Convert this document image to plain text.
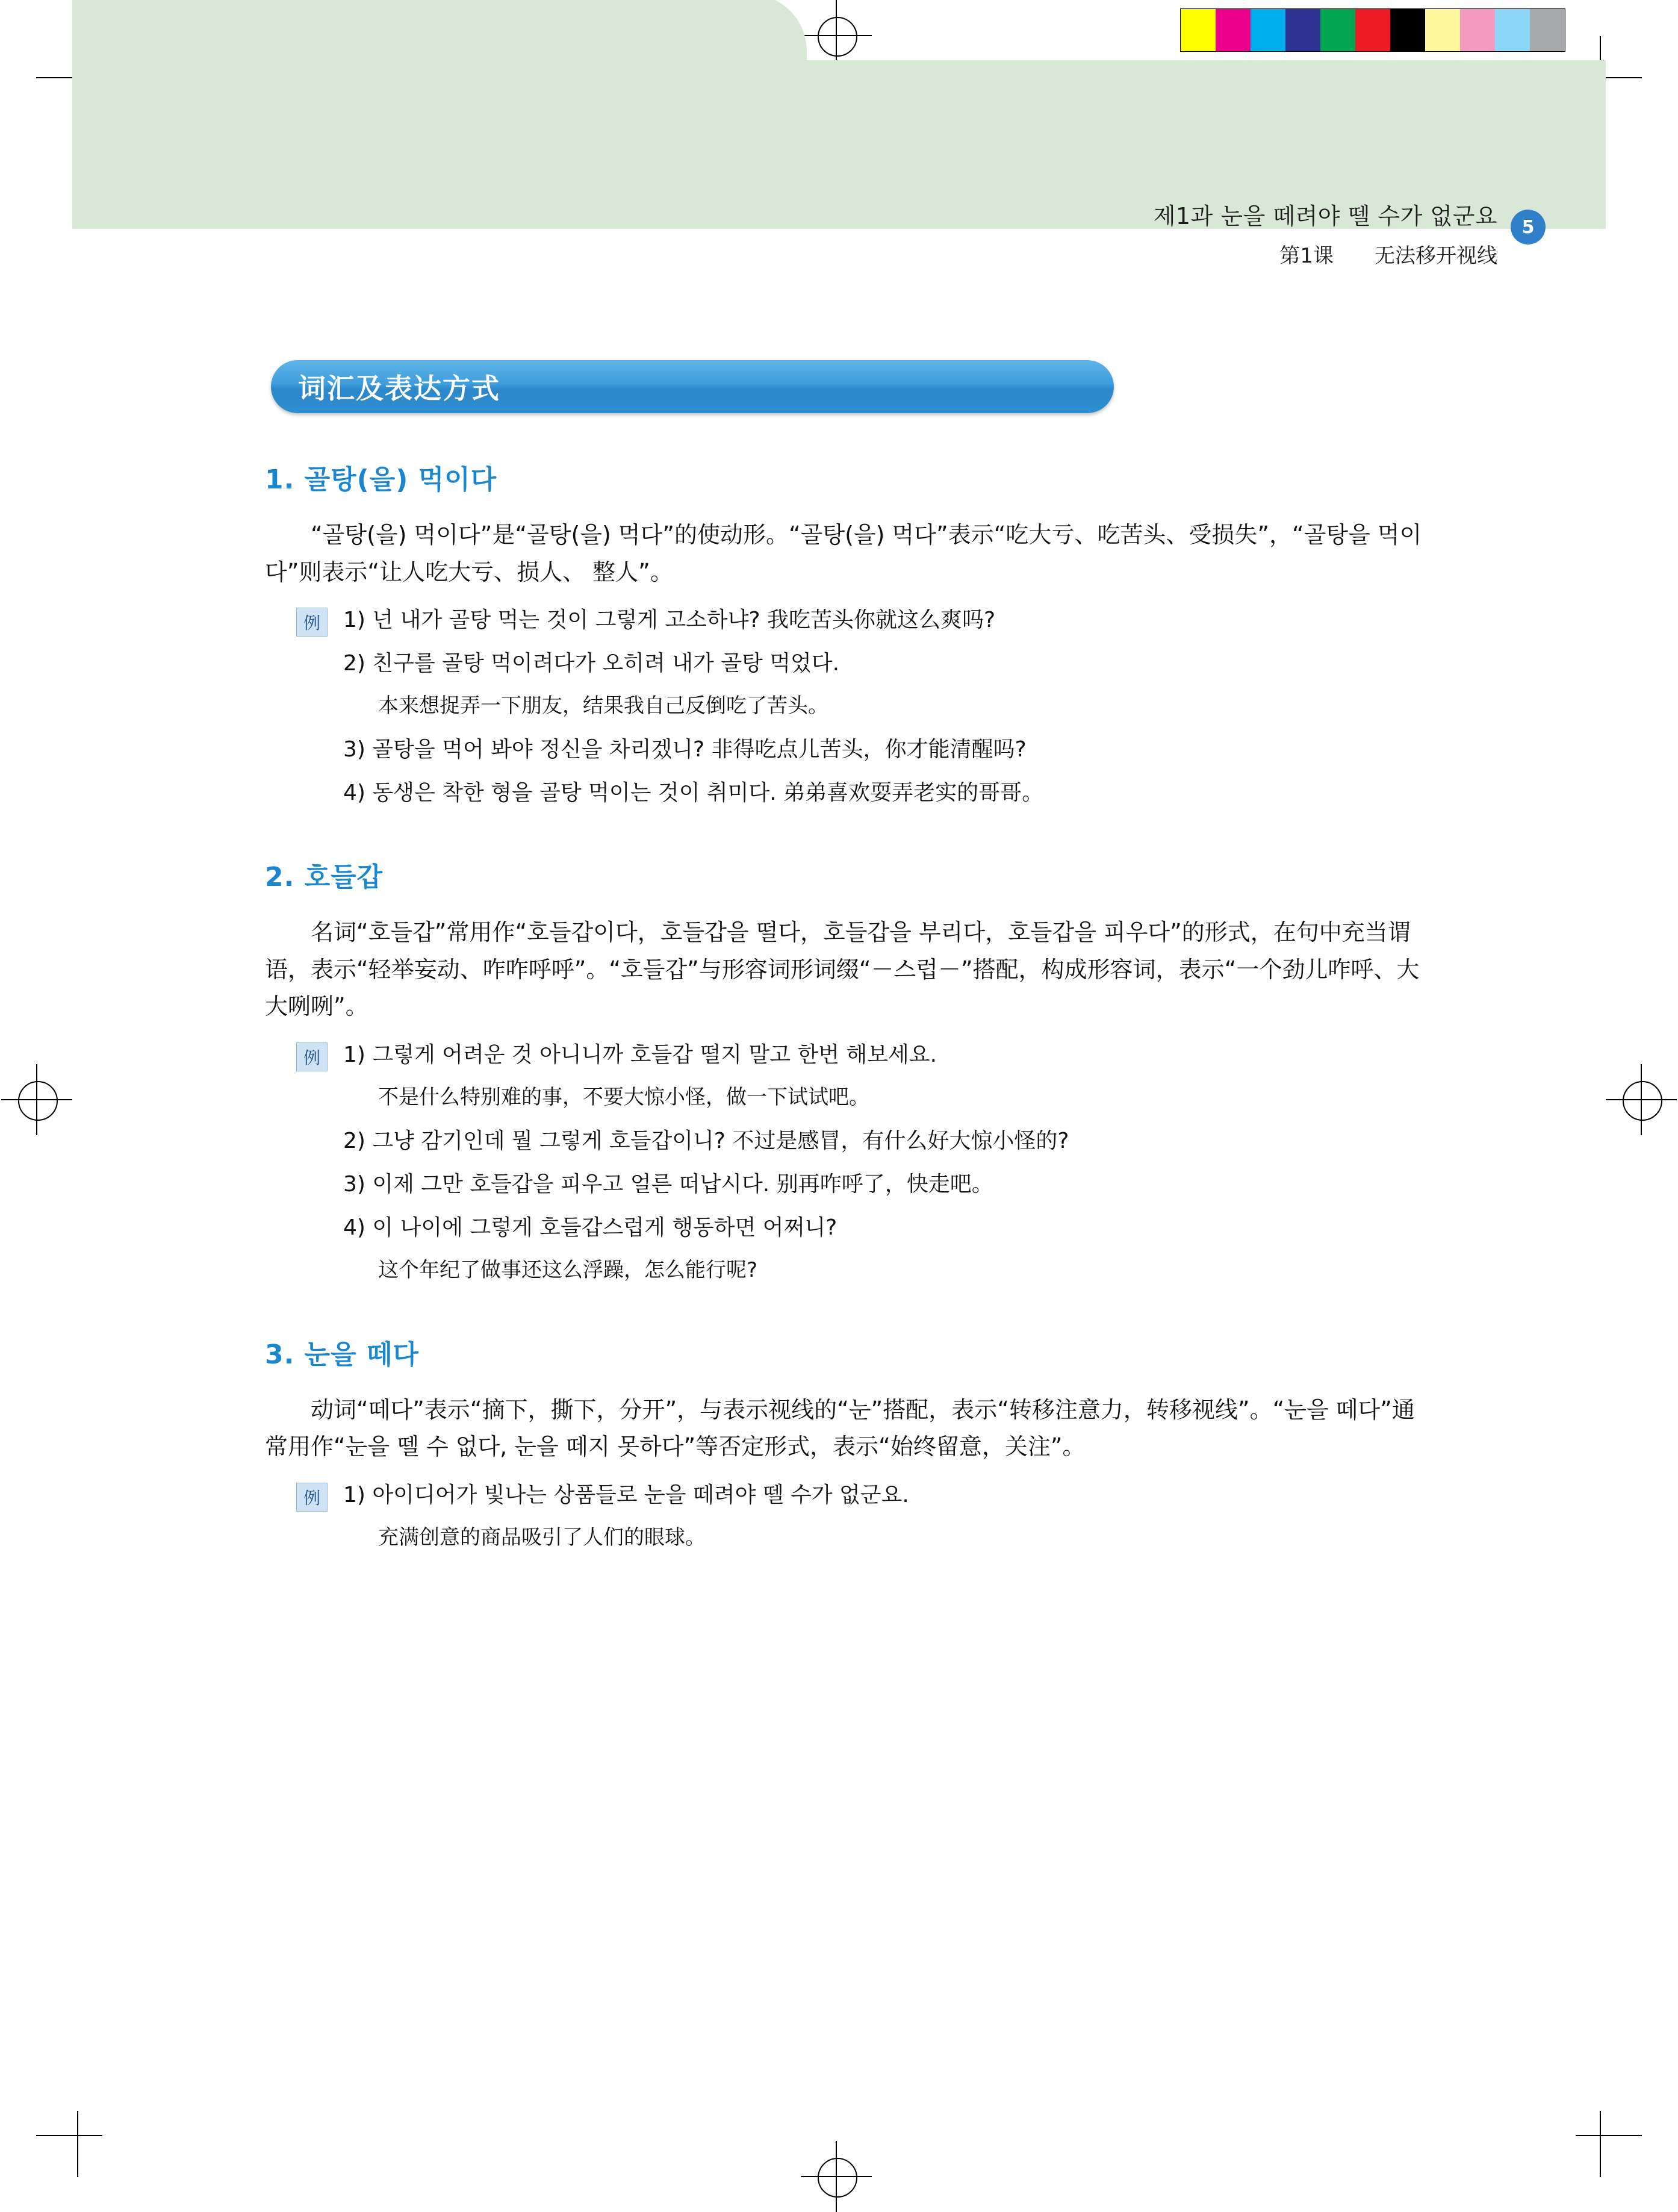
제1과 눈을 떼려야 뗄 수가 없군요
第1课　　无法移开视线
5
词汇及表达方式
1. 골탕(을) 먹이다

“골탕(을) 먹이다”是“골탕(을) 먹다”的使动形。“골탕(을) 먹다”表示“吃大亏、吃苦头、受损失”，“골탕을 먹이다”则表示“让人吃大亏、损人、 整人”。

例	1) 넌 내가 골탕 먹는 것이 그렇게 고소하냐? 我吃苦头你就这么爽吗?
2) 친구를 골탕 먹이려다가 오히려 내가 골탕 먹었다.
本来想捉弄一下朋友，结果我自己反倒吃了苦头。
3) 골탕을 먹어 봐야 정신을 차리겠니? 非得吃点儿苦头，你才能清醒吗?
4) 동생은 착한 형을 골탕 먹이는 것이 취미다. 弟弟喜欢耍弄老实的哥哥。
2. 호들갑

名词“호들갑”常用作“호들갑이다，호들갑을 떨다，호들갑을 부리다，호들갑을 피우다”的形式，在句中充当谓语，表示“轻举妄动、咋咋呼呼”。“호들갑”与形容词形词缀“－스럽－”搭配，构成形容词，表示“一个劲儿咋呼、大大咧咧”。

例	1) 그렇게 어려운 것 아니니까 호들갑 떨지 말고 한번 해보세요.
不是什么特别难的事，不要大惊小怪，做一下试试吧。
2) 그냥 감기인데 뭘 그렇게 호들갑이니? 不过是感冒，有什么好大惊小怪的?
3) 이제 그만 호들갑을 피우고 얼른 떠납시다. 别再咋呼了，快走吧。
4) 이 나이에 그렇게 호들갑스럽게 행동하면 어쩌니?
这个年纪了做事还这么浮躁，怎么能行呢?
3. 눈을 떼다

动词“떼다”表示“摘下，撕下，分开”，与表示视线的“눈”搭配，表示“转移注意力，转移视线”。“눈을 떼다”通常用作“눈을 뗄 수 없다, 눈을 떼지 못하다”等否定形式，表示“始终留意，关注”。

例	1) 아이디어가 빛나는 상품들로 눈을 떼려야 뗄 수가 없군요.
充满创意的商品吸引了人们的眼球。
